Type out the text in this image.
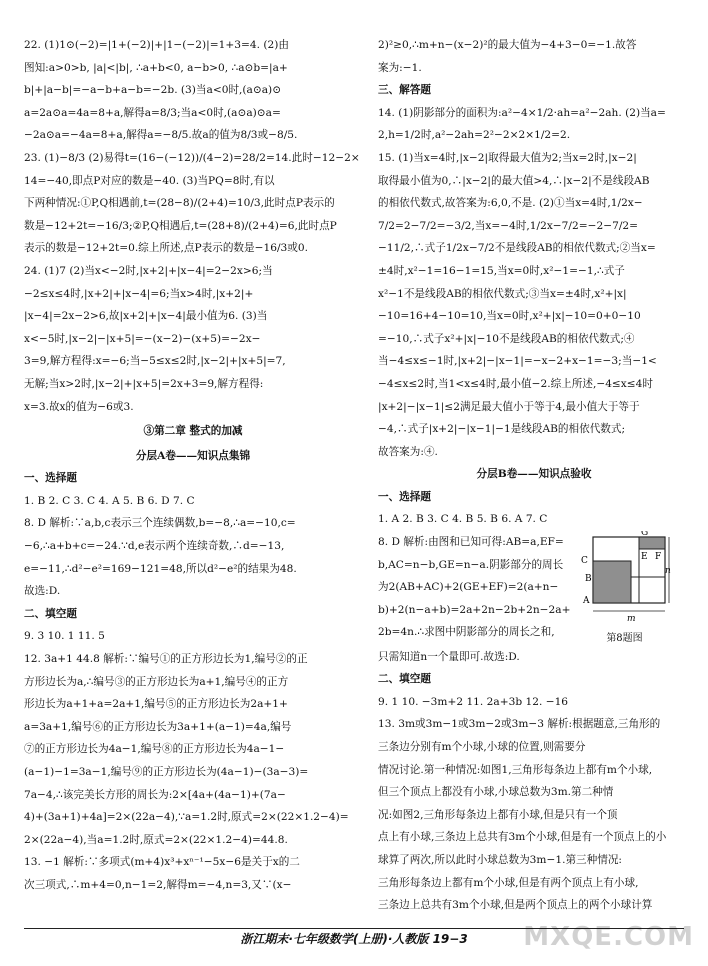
22. (1)1⊙(−2)=|1+(−2)|+|1−(−2)|=1+3=4. (2)由

图知:a>0>b, |a|<|b|, ∴a+b<0, a−b>0, ∴a⊙b=|a+

b|+|a−b|=−a−b+a−b=−2b. (3)当a<0时,(a⊙a)⊙

a=2a⊙a=4a=8+a,解得a=8/3;当a<0时,(a⊙a)⊙a=

−2a⊙a=−4a=8+a,解得a=−8/5.故a的值为8/3或−8/5.

23. (1)−8/3 (2)易得t=(16−(−12))/(4−2)=28/2=14.此时−12−2×

14=−40,即点P对应的数是−40. (3)当PQ=8时,有以

下两种情况:①P,Q相遇前,t=(28−8)/(2+4)=10/3,此时点P表示的

数是−12+2t=−16/3;②P,Q相遇后,t=(28+8)/(2+4)=6,此时点P

表示的数是−12+2t=0.综上所述,点P表示的数是−16/3或0.

24. (1)7 (2)当x<−2时,|x+2|+|x−4|=2−2x>6;当

−2≤x≤4时,|x+2|+|x−4|=6;当x>4时,|x+2|+

|x−4|=2x−2>6,故|x+2|+|x−4|最小值为6. (3)当

x<−5时,|x−2|−|x+5|=−(x−2)−(x+5)=−2x−

3=9,解方程得:x=−6;当−5≤x≤2时,|x−2|+|x+5|=7,

无解;当x>2时,|x−2|+|x+5|=2x+3=9,解方程得:

x=3.故x的值为−6或3.

③第二章 整式的加减

分层A卷——知识点集锦

一、选择题

1. B 2. C 3. C 4. A 5. B 6. D 7. C

8. D 解析:∵a,b,c表示三个连续偶数,b=−8,∴a=−10,c=

−6,∴a+b+c=−24.∵d,e表示两个连续奇数,∴d=−13,

e=−11,∴d²−e²=169−121=48,所以d²−e²的结果为48.

故选:D.

二、填空题

9. 3 10. 1 11. 5

12. 3a+1 44.8 解析:∵编号①的正方形边长为1,编号②的正

方形边长为a,∴编号③的正方形边长为a+1,编号④的正方

形边长为a+1+a=2a+1,编号⑤的正方形边长为2a+1+

a=3a+1,编号⑥的正方形边长为3a+1+(a−1)=4a,编号

⑦的正方形边长为4a−1,编号⑧的正方形边长为4a−1−

(a−1)−1=3a−1,编号⑨的正方形边长为(4a−1)−(3a−3)=

7a−4,∴该完美长方形的周长为:2×[4a+(4a−1)+(7a−

4)+(3a+1)+4a]=2×(22a−4),∵a=1.2时,原式=2×(22×1.2−4)=

2×(22a−4),当a=1.2时,原式=2×(22×1.2−4)=44.8.

13. −1 解析:∵多项式(m+4)x³+xⁿ⁻¹−5x−6是关于x的二

次三项式,∴m+4=0,n−1=2,解得m=−4,n=3,又∵(x−

2)²≥0,∴m+n−(x−2)²的最大值为−4+3−0=−1.故答

案为:−1.

三、解答题

14. (1)阴影部分的面积为:a²−4×1/2·ah=a²−2ah. (2)当a=

2,h=1/2时,a²−2ah=2²−2×2×1/2=2.

15. (1)当x=4时,|x−2|取得最大值为2;当x=2时,|x−2|

取得最小值为0,∴|x−2|的最大值>4,∴|x−2|不是线段AB

的相依代数式,故答案为:6,0,不是. (2)①当x=4时,1/2x−

7/2=2−7/2=−3/2,当x=−4时,1/2x−7/2=−2−7/2=

−11/2,∴式子1/2x−7/2不是线段AB的相依代数式;②当x=

±4时,x²−1=16−1=15,当x=0时,x²−1=−1,∴式子

x²−1不是线段AB的相依代数式;③当x=±4时,x²+|x|

−10=16+4−10=10,当x=0时,x²+|x|−10=0+0−10

=−10,∴式子x²+|x|−10不是线段AB的相依代数式;④

当−4≤x≤−1时,|x+2|−|x−1|=−x−2+x−1=−3;当−1<

−4≤x≤2时,当1<x≤4时,最小值−2.综上所述,−4≤x≤4时

|x+2|−|x−1|≤2满足最大值小于等于4,最小值大于等于

−4,∴式子|x+2|−|x−1|−1是线段AB的相依代数式;

故答案为:④.

分层B卷——知识点验收

一、选择题

1. A 2. B 3. C 4. B 5. B 6. A 7. C

8. D 解析:由图和已知可得:AB=a,EF=

b,AC=n−b,GE=n−a.阴影部分的周长

为2(AB+AC)+2(GE+EF)=2(a+n−

b)+2(n−a+b)=2a+2n−2b+2n−2a+

2b=4n.∴求图中阴影部分的周长之和,

G
E F
C
B
A
m
n
第8题图

只需知道n一个量即可.故选:D.

二、填空题

9. 1 10. −3m+2 11. 2a+3b 12. −16

13. 3m或3m−1或3m−2或3m−3 解析:根据题意,三角形的

三条边分别有m个小球,小球的位置,则需要分

情况讨论.第一种情况:如图1,三角形每条边上都有m个小球,

但三个顶点上都没有小球,小球总数为3m.第二种情

况:如图2,三角形每条边上都有小球,但是只有一个顶

点上有小球,三条边上总共有3m个小球,但是有一个顶点上的小

球算了两次,所以此时小球总数为3m−1.第三种情况:

三角形每条边上都有m个小球,但是有两个顶点上有小球,

三条边上总共有3m个小球,但是两个顶点上的两个小球计算

浙江期末·七年级数学(上册)·人教版 19−3	MXQE.COM
